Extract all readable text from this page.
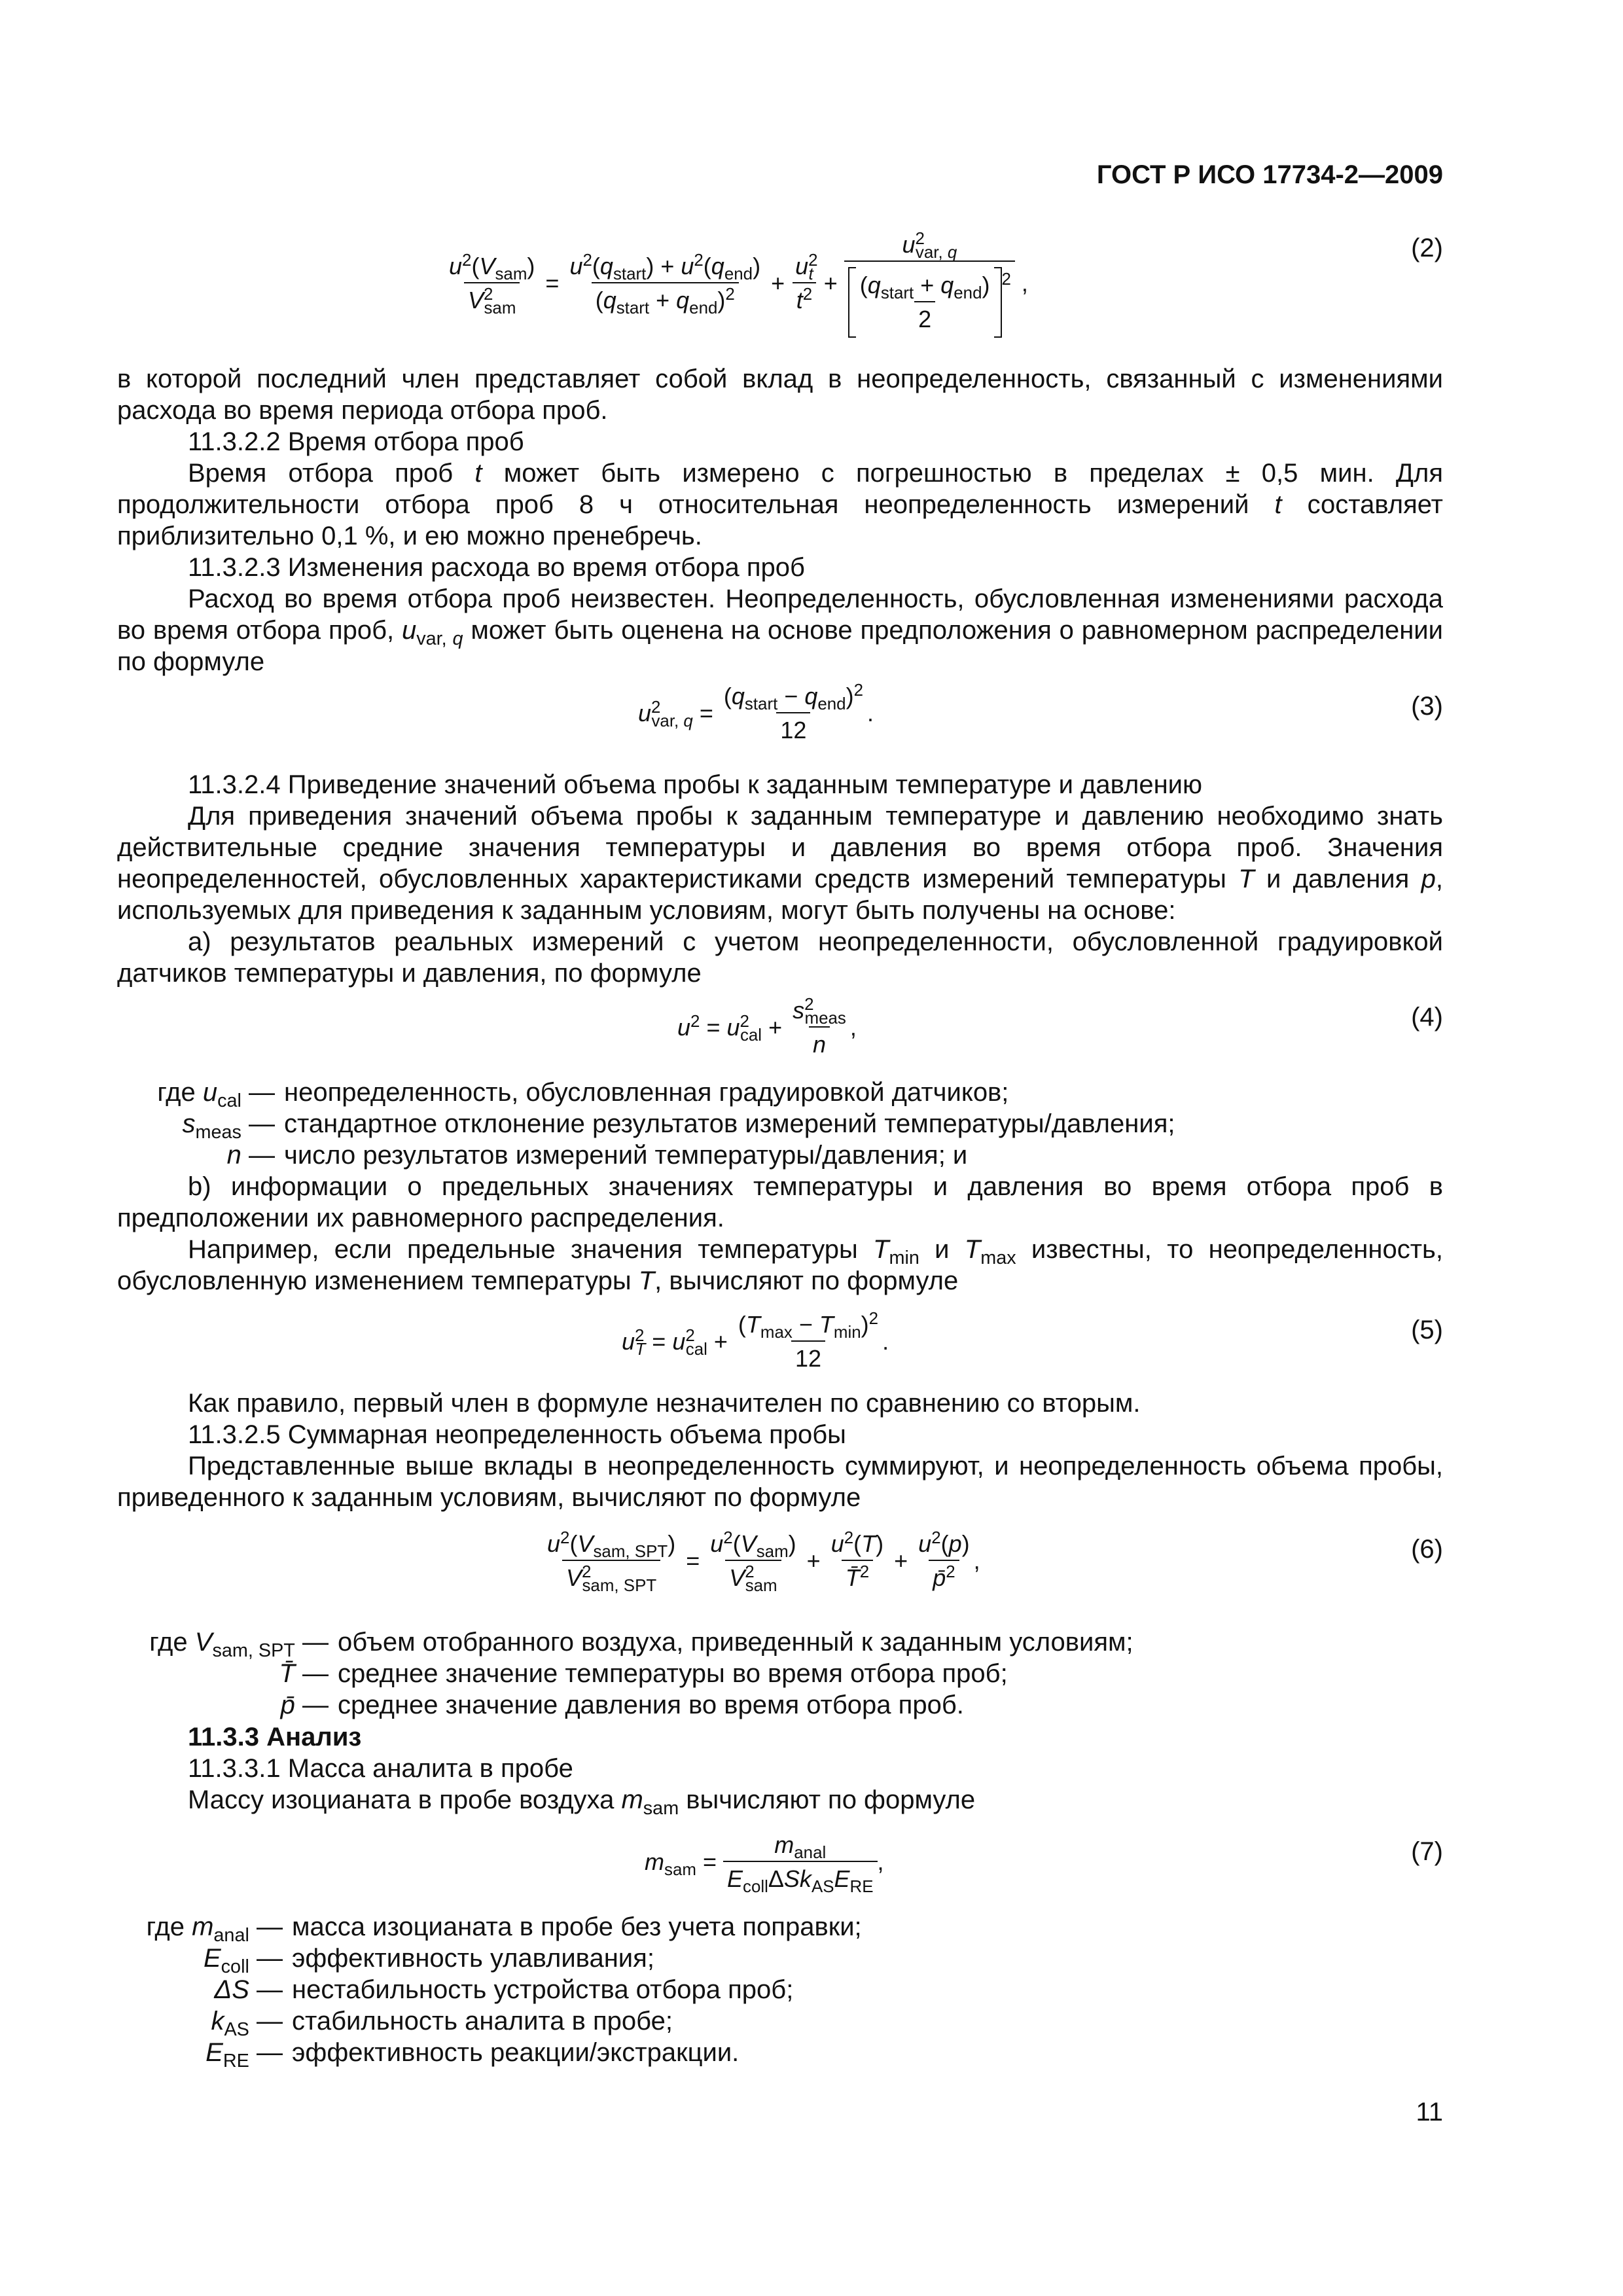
ГОСТ Р ИСО 17734-2—2009
11
$\frac{u^2(V_{sam})}{V^2_{sam}} = \frac{u^2(q_{start}) + u^2(q_{end})}{(q_{start} + q_{end})^2} + \frac{u^2_t}{t^2} + \frac{u^2_{var, q}}{\frac{(q_{start} + q_{end})}{2} ^2}$ ,
(2)

в которой последний член представляет собой вклад в неопределенность, связанный с изменениями расхода во время периода отбора проб.

11.3.2.2 Время отбора проб

Время отбора проб t может быть измерено с погрешностью в пределах ± 0,5 мин. Для продолжительности отбора проб 8 ч относительная неопределенность измерений t составляет приблизительно 0,1 %, и ею можно пренебречь.

11.3.2.3 Изменения расхода во время отбора проб

Расход во время отбора проб неизвестен. Неопределенность, обусловленная изменениями расхода во время отбора проб, $u_{var, q}$ может быть оценена на основе предположения о равномерном распределении по формуле

$u^2_{var, q} = \frac{(q_{start} - q_{end})^2}{12}$ .	(3)

11.3.2.4 Приведение значений объема пробы к заданным температуре и давлению

Для приведения значений объема пробы к заданным температуре и давлению необходимо знать действительные средние значения температуры и давления во время отбора проб. Значения неопределенностей, обусловленных характеристиками средств измерений температуры T и давления p, используемых для приведения к заданным условиям, могут быть получены на основе:

a) результатов реальных измерений с учетом неопределенности, обусловленной градуировкой датчиков температуры и давления, по формуле

$u^2 = u^2_{cal} + \frac{s^2_{meas}}{n}$ ,	(4)
где $u_{cal}$ — неопределенность, обусловленная градуировкой датчиков;
$s_{meas}$ — стандартное отклонение результатов измерений температуры/давления;
n — число результатов измерений температуры/давления; и

b) информации о предельных значениях температуры и давления во время отбора проб в предположении их равномерного распределения.

Например, если предельные значения температуры $T_{min}$ и $T_{max}$ известны, то неопределенность, обусловленную изменением температуры T, вычисляют по формуле

$u^2_T = u^2_{cal} + \frac{(T_{max} - T_{min})^2}{12}$ .	(5)

Как правило, первый член в формуле незначителен по сравнению со вторым.

11.3.2.5 Суммарная неопределенность объема пробы

Представленные выше вклады в неопределенность суммируют, и неопределенность объема пробы, приведенного к заданным условиям, вычисляют по формуле

$\frac{u^2(V_{sam, SPT})}{V^2_{sam, SPT}} = \frac{u^2(V_{sam})}{V^2_{sam}} + \frac{u^2(T)}{T̄^2} + \frac{u^2(p)}{p̄^2}$ ,	(6)
где $V_{sam, SPT}$ — объем отобранного воздуха, приведенный к заданным условиям;
T̄ — среднее значение температуры во время отбора проб;
p̄ — среднее значение давления во время отбора проб.

11.3.3 Анализ

11.3.3.1 Масса аналита в пробе

Массу изоцианата в пробе воздуха $m_{sam}$ вычисляют по формуле

$m_{sam} = \frac{m_{anal}}{E_{coll}\Delta Sk_{AS}E_{RE}}$ ,	(7)
где $m_{anal}$ — масса изоцианата в пробе без учета поправки;
$E_{coll}$ — эффективность улавливания;
ΔS — нестабильность устройства отбора проб;
$k_{AS}$ — стабильность аналита в пробе;
$E_{RE}$ — эффективность реакции/экстракции.
